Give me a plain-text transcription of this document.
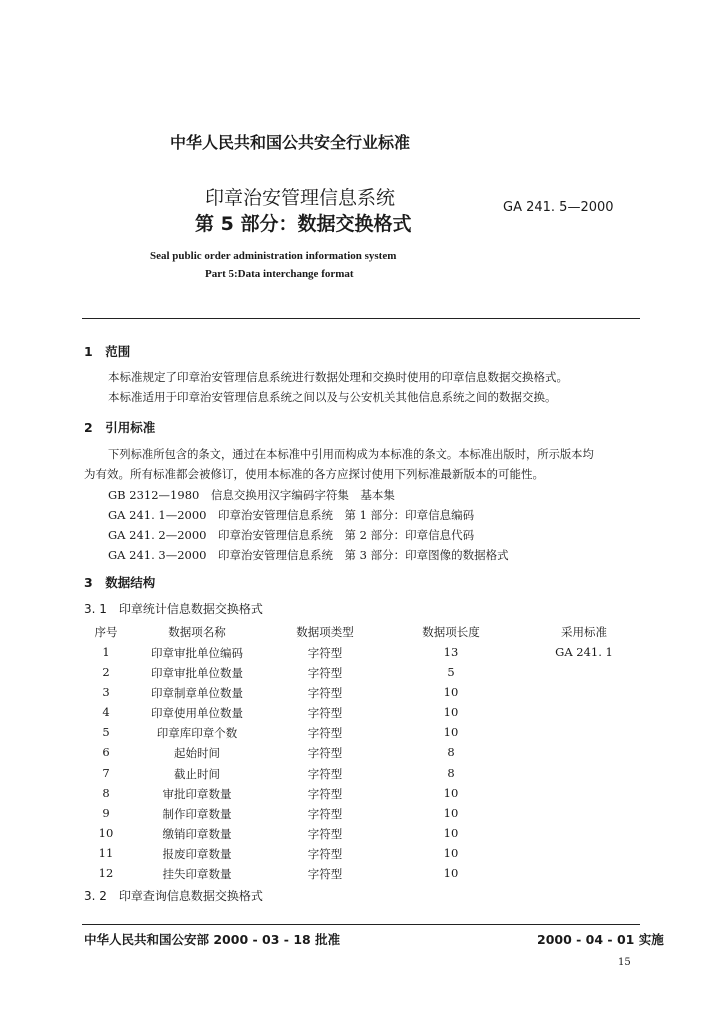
中华人民共和国公共安全行业标准
印章治安管理信息系统
第 5 部分：数据交换格式
GA 241. 5—2000
Seal public order administration information system
Part 5:Data interchange format
1　范围
本标准规定了印章治安管理信息系统进行数据处理和交换时使用的印章信息数据交换格式。
本标准适用于印章治安管理信息系统之间以及与公安机关其他信息系统之间的数据交换。
2　引用标准
下列标准所包含的条文，通过在本标准中引用而构成为本标准的条文。本标准出版时，所示版本均
为有效。所有标准都会被修订，使用本标准的各方应探讨使用下列标准最新版本的可能性。
GB 2312—1980　信息交换用汉字编码字符集　基本集
GA 241. 1—2000　印章治安管理信息系统　第 1 部分：印章信息编码
GA 241. 2—2000　印章治安管理信息系统　第 2 部分：印章信息代码
GA 241. 3—2000　印章治安管理信息系统　第 3 部分：印章图像的数据格式
3　数据结构
3. 1　印章统计信息数据交换格式
序号	数据项名称	数据项类型	数据项长度	采用标准
1	印章审批单位编码	字符型	13	GA 241. 1
2	印章审批单位数量	字符型	5
3	印章制章单位数量	字符型	10
4	印章使用单位数量	字符型	10
5	印章库印章个数	字符型	10
6	起始时间	字符型	8
7	截止时间	字符型	8
8	审批印章数量	字符型	10
9	制作印章数量	字符型	10
10	缴销印章数量	字符型	10
11	报废印章数量	字符型	10
12	挂失印章数量	字符型	10
3. 2　印章查询信息数据交换格式
中华人民共和国公安部 2000 - 03 - 18 批准	2000 - 04 - 01 实施
15
